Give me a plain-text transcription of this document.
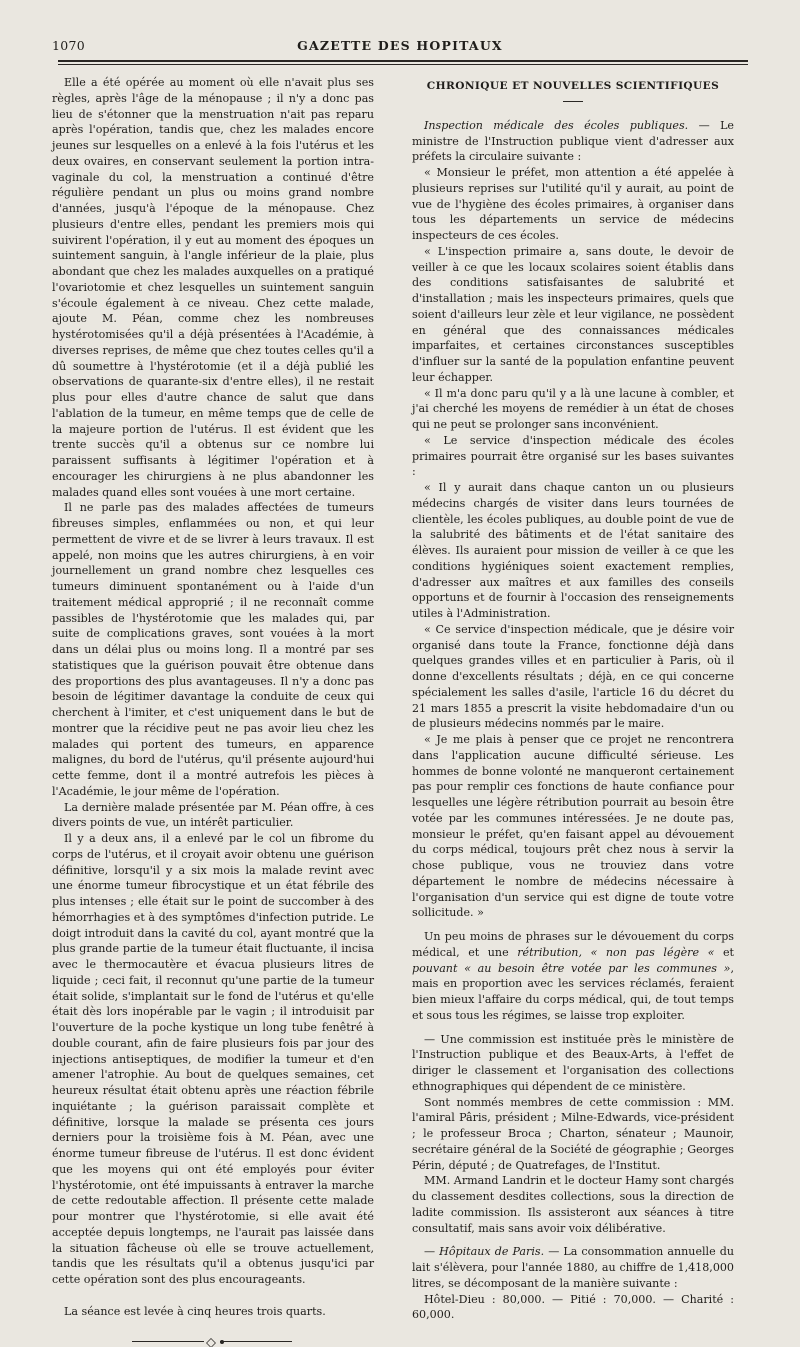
1070	GAZETTE DES HOPITAUX

Elle a été opérée au moment où elle n'avait plus ses règles, après l'âge de la ménopause ; il n'y a donc pas lieu de s'étonner que la menstruation n'ait pas reparu après l'opération, tandis que, chez les malades encore jeunes sur lesquelles on a enlevé à la fois l'utérus et les deux ovaires, en conservant seulement la portion intra-vaginale du col, la menstruation a continué d'être régulière pendant un plus ou moins grand nombre d'années, jusqu'à l'époque de la ménopause. Chez plusieurs d'entre elles, pendant les premiers mois qui suivirent l'opération, il y eut au moment des époques un suintement sanguin, à l'angle inférieur de la plaie, plus abondant que chez les malades auxquelles on a pratiqué l'ovariotomie et chez lesquelles un suintement sanguin s'écoule également à ce niveau. Chez cette malade, ajoute M. Péan, comme chez les nombreuses hystérotomisées qu'il a déjà présentées à l'Académie, à diverses reprises, de même que chez toutes celles qu'il a dû soumettre à l'hystérotomie (et il a déjà publié les observations de quarante-six d'entre elles), il ne restait plus pour elles d'autre chance de salut que dans l'ablation de la tumeur, en même temps que de celle de la majeure portion de l'utérus. Il est évident que les trente succès qu'il a obtenus sur ce nombre lui paraissent suffisants à légitimer l'opération et à encourager les chirurgiens à ne plus abandonner les malades quand elles sont vouées à une mort certaine.

Il ne parle pas des malades affectées de tumeurs fibreuses simples, enflammées ou non, et qui leur permettent de vivre et de se livrer à leurs travaux. Il est appelé, non moins que les autres chirurgiens, à en voir journellement un grand nombre chez lesquelles ces tumeurs diminuent spontanément ou à l'aide d'un traitement médical approprié ; il ne reconnaît comme passibles de l'hystérotomie que les malades qui, par suite de complications graves, sont vouées à la mort dans un délai plus ou moins long. Il a montré par ses statistiques que la guérison pouvait être obtenue dans des proportions des plus avantageuses. Il n'y a donc pas besoin de légitimer davantage la conduite de ceux qui cherchent à l'imiter, et c'est uniquement dans le but de montrer que la récidive peut ne pas avoir lieu chez les malades qui portent des tumeurs, en apparence malignes, du bord de l'utérus, qu'il présente aujourd'hui cette femme, dont il a montré autrefois les pièces à l'Académie, le jour même de l'opération.

La dernière malade présentée par M. Péan offre, à ces divers points de vue, un intérêt particulier.

Il y a deux ans, il a enlevé par le col un fibrome du corps de l'utérus, et il croyait avoir obtenu une guérison définitive, lorsqu'il y a six mois la malade revint avec une énorme tumeur fibrocystique et un état fébrile des plus intenses ; elle était sur le point de succomber à des hémorrhagies et à des symptômes d'infection putride. Le doigt introduit dans la cavité du col, ayant montré que la plus grande partie de la tumeur était fluctuante, il incisa avec le thermocautère et évacua plusieurs litres de liquide ; ceci fait, il reconnut qu'une partie de la tumeur était solide, s'implantait sur le fond de l'utérus et qu'elle était dès lors inopérable par le vagin ; il introduisit par l'ouverture de la poche kystique un long tube fenêtré à double courant, afin de faire plusieurs fois par jour des injections antiseptiques, de modifier la tumeur et d'en amener l'atrophie. Au bout de quelques semaines, cet heureux résultat était obtenu après une réaction fébrile inquiétante ; la guérison paraissait complète et définitive, lorsque la malade se présenta ces jours derniers pour la troisième fois à M. Péan, avec une énorme tumeur fibreuse de l'utérus. Il est donc évident que les moyens qui ont été employés pour éviter l'hystérotomie, ont été impuissants à entraver la marche de cette redoutable affection. Il présente cette malade pour montrer que l'hystérotomie, si elle avait été acceptée depuis longtemps, ne l'aurait pas laissée dans la situation fâcheuse où elle se trouve actuellement, tandis que les résultats qu'il a obtenus jusqu'ici par cette opération sont des plus encourageants.

La séance est levée à cinq heures trois quarts.

CHRONIQUE ET NOUVELLES SCIENTIFIQUES

Inspection médicale des écoles publiques. — Le ministre de l'Instruction publique vient d'adresser aux préfets la circulaire suivante :

« Monsieur le préfet, mon attention a été appelée à plusieurs reprises sur l'utilité qu'il y aurait, au point de vue de l'hygiène des écoles primaires, à organiser dans tous les départements un service de médecins inspecteurs de ces écoles.

« L'inspection primaire a, sans doute, le devoir de veiller à ce que les locaux scolaires soient établis dans des conditions satisfaisantes de salubrité et d'installation ; mais les inspecteurs primaires, quels que soient d'ailleurs leur zèle et leur vigilance, ne possèdent en général que des connaissances médicales imparfaites, et certaines circonstances susceptibles d'influer sur la santé de la population enfantine peuvent leur échapper.

« Il m'a donc paru qu'il y a là une lacune à combler, et j'ai cherché les moyens de remédier à un état de choses qui ne peut se prolonger sans inconvénient.

« Le service d'inspection médicale des écoles primaires pourrait être organisé sur les bases suivantes :

« Il y aurait dans chaque canton un ou plusieurs médecins chargés de visiter dans leurs tournées de clientèle, les écoles publiques, au double point de vue de la salubrité des bâtiments et de l'état sanitaire des élèves. Ils auraient pour mission de veiller à ce que les conditions hygiéniques soient exactement remplies, d'adresser aux maîtres et aux familles des conseils opportuns et de fournir à l'occasion des renseignements utiles à l'Administration.

« Ce service d'inspection médicale, que je désire voir organisé dans toute la France, fonctionne déjà dans quelques grandes villes et en particulier à Paris, où il donne d'excellents résultats ; déjà, en ce qui concerne spécialement les salles d'asile, l'article 16 du décret du 21 mars 1855 a prescrit la visite hebdomadaire d'un ou de plusieurs médecins nommés par le maire.

« Je me plais à penser que ce projet ne rencontrera dans l'application aucune difficulté sérieuse. Les hommes de bonne volonté ne manqueront certainement pas pour remplir ces fonctions de haute confiance pour lesquelles une légère rétribution pourrait au besoin être votée par les communes intéressées. Je ne doute pas, monsieur le préfet, qu'en faisant appel au dévouement du corps médical, toujours prêt chez nous à servir la chose publique, vous ne trouviez dans votre département le nombre de médecins nécessaire à l'organisation d'un service qui est digne de toute votre sollicitude. »

Un peu moins de phrases sur le dévouement du corps médical, et une rétribution, « non pas légère « et pouvant « au besoin être votée par les communes », mais en proportion avec les services réclamés, feraient bien mieux l'affaire du corps médical, qui, de tout temps et sous tous les régimes, se laisse trop exploiter.

— Une commission est instituée près le ministère de l'Instruction publique et des Beaux-Arts, à l'effet de diriger le classement et l'organisation des collections ethnographiques qui dépendent de ce ministère.

Sont nommés membres de cette commission : MM. l'amiral Pâris, président ; Milne-Edwards, vice-président ; le professeur Broca ; Charton, sénateur ; Maunoir, secrétaire général de la Société de géographie ; Georges Périn, député ; de Quatrefages, de l'Institut.

MM. Armand Landrin et le docteur Hamy sont chargés du classement desdites collections, sous la direction de ladite commission. Ils assisteront aux séances à titre consultatif, mais sans avoir voix délibérative.

— Hôpitaux de Paris. — La consommation annuelle du lait s'élèvera, pour l'année 1880, au chiffre de 1,418,000 litres, se décomposant de la manière suivante :

Hôtel-Dieu : 80,000. — Pitié : 70,000. — Charité : 60,000.
